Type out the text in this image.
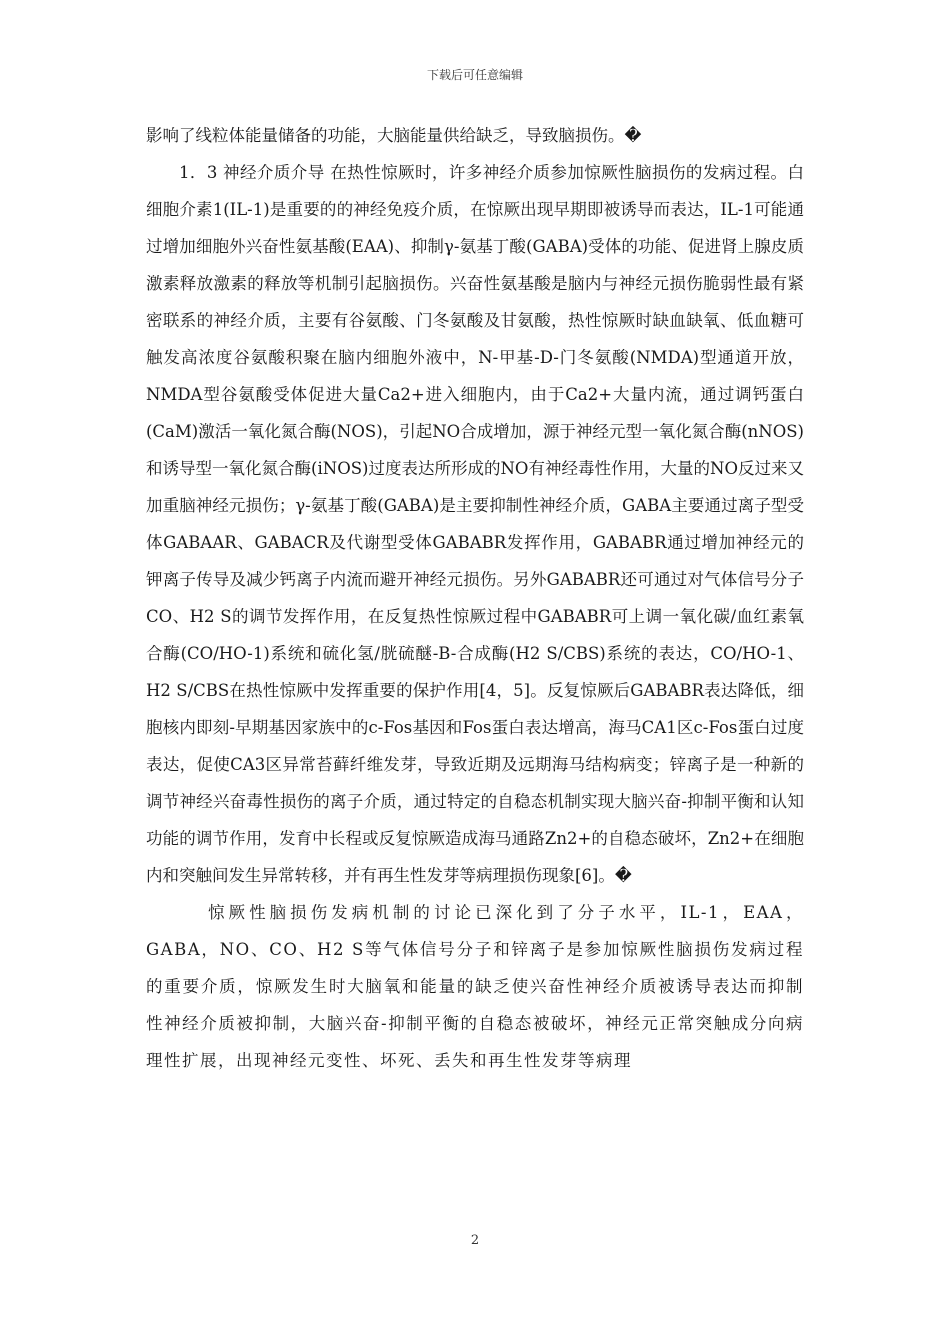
下载后可任意编辑

影响了线粒体能量储备的功能，大脑能量供给缺乏，导致脑损伤。�

1．3 神经介质介导 在热性惊厥时，许多神经介质参加惊厥性脑损伤的发病过程。白细胞介素1(IL-1)是重要的的神经免疫介质，在惊厥出现早期即被诱导而表达，IL-1可能通过增加细胞外兴奋性氨基酸(EAA)、抑制γ-氨基丁酸(GABA)受体的功能、促进肾上腺皮质激素释放激素的释放等机制引起脑损伤。兴奋性氨基酸是脑内与神经元损伤脆弱性最有紧密联系的神经介质，主要有谷氨酸、门冬氨酸及甘氨酸，热性惊厥时缺血缺氧、低血糖可触发高浓度谷氨酸积聚在脑内细胞外液中，N-甲基-D-门冬氨酸(NMDA)型通道开放，NMDA型谷氨酸受体促进大量Ca2+进入细胞内，由于Ca2+大量内流，通过调钙蛋白(CaM)激活一氧化氮合酶(NOS)，引起NO合成增加，源于神经元型一氧化氮合酶(nNOS)和诱导型一氧化氮合酶(iNOS)过度表达所形成的NO有神经毒性作用，大量的NO反过来又加重脑神经元损伤；γ-氨基丁酸(GABA)是主要抑制性神经介质，GABA主要通过离子型受体GABAAR、GABACR及代谢型受体GABABR发挥作用，GABABR通过增加神经元的钾离子传导及减少钙离子内流而避开神经元损伤。另外GABABR还可通过对气体信号分子CO、H2 S的调节发挥作用，在反复热性惊厥过程中GABABR可上调一氧化碳/血红素氧合酶(CO/HO-1)系统和硫化氢/胱硫醚-B-合成酶(H2 S/CBS)系统的表达，CO/HO-1、H2 S/CBS在热性惊厥中发挥重要的保护作用[4，5]。反复惊厥后GABABR表达降低，细胞核内即刻-早期基因家族中的c-Fos基因和Fos蛋白表达增高，海马CA1区c-Fos蛋白过度表达，促使CA3区异常苔藓纤维发芽，导致近期及远期海马结构病变；锌离子是一种新的调节神经兴奋毒性损伤的离子介质，通过特定的自稳态机制实现大脑兴奋-抑制平衡和认知功能的调节作用，发育中长程或反复惊厥造成海马通路Zn2+的自稳态破坏，Zn2+在细胞内和突触间发生异常转移，并有再生性发芽等病理损伤现象[6]。�

惊厥性脑损伤发病机制的讨论已深化到了分子水平，IL-1，EAA，GABA，NO、CO、H2 S等气体信号分子和锌离子是参加惊厥性脑损伤发病过程的重要介质，惊厥发生时大脑氧和能量的缺乏使兴奋性神经介质被诱导表达而抑制性神经介质被抑制，大脑兴奋-抑制平衡的自稳态被破坏，神经元正常突触成分向病理性扩展，出现神经元变性、坏死、丢失和再生性发芽等病理

2
